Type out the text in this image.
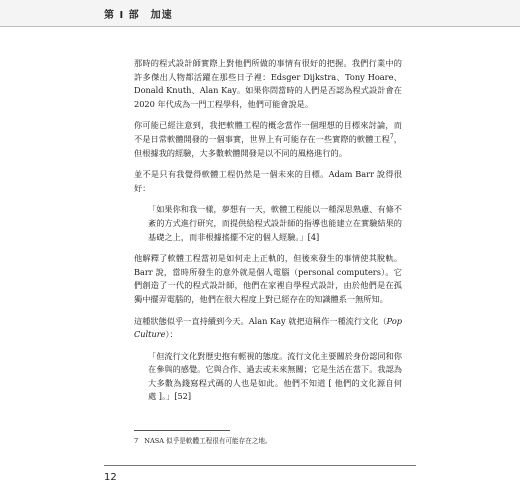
第 I 部　加速

那時的程式設計師實際上對他們所做的事情有很好的把握。我們行業中的許多傑出人物都活躍在那些日子裡：Edsger Dijkstra、Tony Hoare、Donald Knuth、Alan Kay。如果你問當時的人們是否認為程式設計會在 2020 年代成為一門工程學科，他們可能會說是。

你可能已經注意到，我把軟體工程的概念當作一個理想的目標來討論，而不是日常軟體開發的一個事實，世界上有可能存在一些實際的軟體工程$^7$，但根據我的經驗，大多數軟體開發是以不同的風格進行的。

並不是只有我覺得軟體工程仍然是一個未來的目標。Adam Barr 說得很好：

「如果你和我一樣，夢想有一天，軟體工程能以一種深思熟慮、有條不紊的方式進行研究，而提供給程式設計師的指導也能建立在實驗結果的基礎之上，而非根據搖擺不定的個人經驗。」[4]

他解釋了軟體工程當初是如何走上正軌的，但後來發生的事情使其脫軌。Barr 說，當時所發生的意外就是個人電腦（personal computers）。它們創造了一代的程式設計師，他們在家裡自學程式設計，由於他們是在孤獨中擺弄電腦的，他們在很大程度上對已經存在的知識體系一無所知。

這種狀態似乎一直持續到今天。Alan Kay 就把這稱作一種流行文化（Pop Culture）：

「但流行文化對歷史抱有輕視的態度。流行文化主要關於身份認同和你在參與的感覺。它與合作、過去或未來無關；它是生活在當下。我認為大多數為錢寫程式碼的人也是如此。他們不知道 [ 他們的文化源自何處 ]。」[52]

7 NASA 似乎是軟體工程很有可能存在之地。
12
